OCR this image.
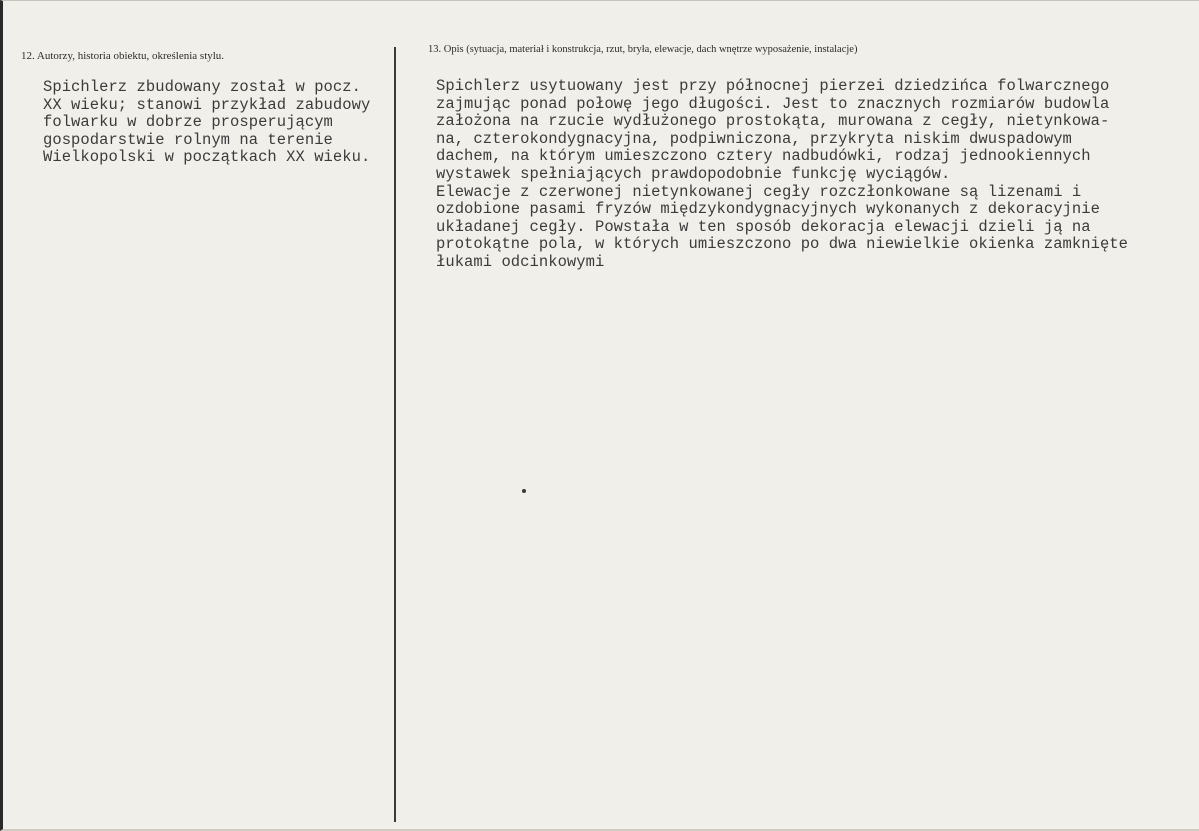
12. Autorzy, historia obiektu, określenia stylu.
13. Opis (sytuacja, materiał i konstrukcja, rzut, bryła, elewacje, dach wnętrze wyposażenie, instalacje)
Spichlerz zbudowany został w pocz.
XX wieku; stanowi przykład zabudowy
folwarku w dobrze prosperującym
gospodarstwie rolnym na terenie
Wielkopolski w początkach XX wieku.
Spichlerz usytuowany jest przy północnej pierzei dziedzińca folwarcznego
zajmując ponad połowę jego długości. Jest to znacznych rozmiarów budowla
założona na rzucie wydłużonego prostokąta, murowana z cegły, nietynkowa-
na, czterokondygnacyjna, podpiwniczona, przykryta niskim dwuspadowym
dachem, na którym umieszczono cztery nadbudówki, rodzaj jednookiennych
wystawek spełniających prawdopodobnie funkcję wyciągów.
Elewacje z czerwonej nietynkowanej cegły rozczłonkowane są lizenami i
ozdobione pasami fryzów międzykondygnacyjnych wykonanych z dekoracyjnie
układanej cegły. Powstała w ten sposób dekoracja elewacji dzieli ją na
protokątne pola, w których umieszczono po dwa niewielkie okienka zamknięte
łukami odcinkowymi
